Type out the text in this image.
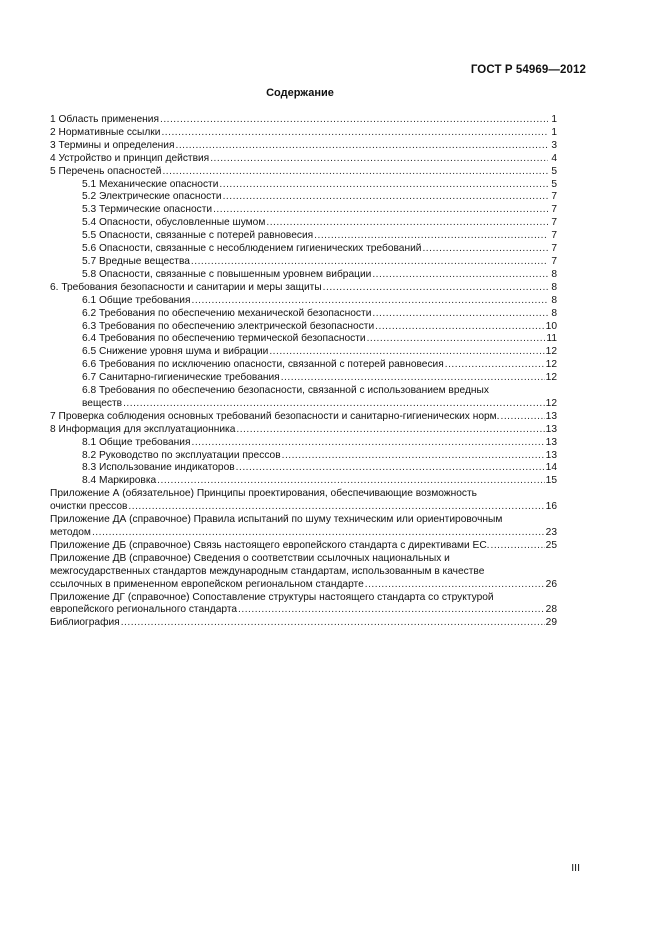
ГОСТ Р 54969—2012
Содержание
1 Область применения .....	1
2 Нормативные ссылки .....	1
3 Термины и определения .....	3
4 Устройство и принцип действия .....	4
5 Перечень опасностей .....	5
5.1 Механические опасности .....	5
5.2 Электрические опасности .....	7
5.3 Термические опасности .....	7
5.4 Опасности, обусловленные шумом .....	7
5.5 Опасности, связанные с потерей равновесия .....	7
5.6 Опасности, связанные с несоблюдением гигиенических требований .....	7
5.7 Вредные вещества .....	7
5.8 Опасности, связанные с повышенным уровнем вибрации .....	8
6. Требования безопасности и санитарии и меры защиты .....	8
6.1 Общие требования .....	8
6.2 Требования по обеспечению механической безопасности .....	8
6.3 Требования по обеспечению электрической безопасности .....	10
6.4 Требования по обеспечению термической безопасности .....	11
6.5 Снижение уровня шума и вибрации .....	12
6.6 Требования по исключению опасности, связанной с потерей равновесия .....	12
6.7 Санитарно-гигиенические требования .....	12
6.8 Требования по обеспечению безопасности, связанной с использованием вредных
веществ .....	12
7 Проверка соблюдения основных требований безопасности и санитарно-гигиенических норм. .....	13
8 Информация для эксплуатационника .....	13
8.1 Общие требования .....	13
8.2 Руководство по эксплуатации прессов .....	13
8.3 Использование индикаторов .....	14
8.4 Маркировка .....	15
Приложение А (обязательное) Принципы проектирования, обеспечивающие возможность
очистки прессов .....	16
Приложение ДА (справочное) Правила испытаний по шуму техническим или ориентировочным
методом .....	23
Приложение ДБ (справочное) Связь настоящего европейского стандарта с директивами ЕС. .....	25
Приложение ДВ (справочное) Сведения о соответствии ссылочных национальных и
межгосударственных стандартов международным стандартам, использованным в качестве
ссылочных в примененном европейском региональном стандарте .....	26
Приложение ДГ (справочное) Сопоставление структуры настоящего стандарта со структурой
европейского регионального стандарта .....	28
Библиография .....	29
III
